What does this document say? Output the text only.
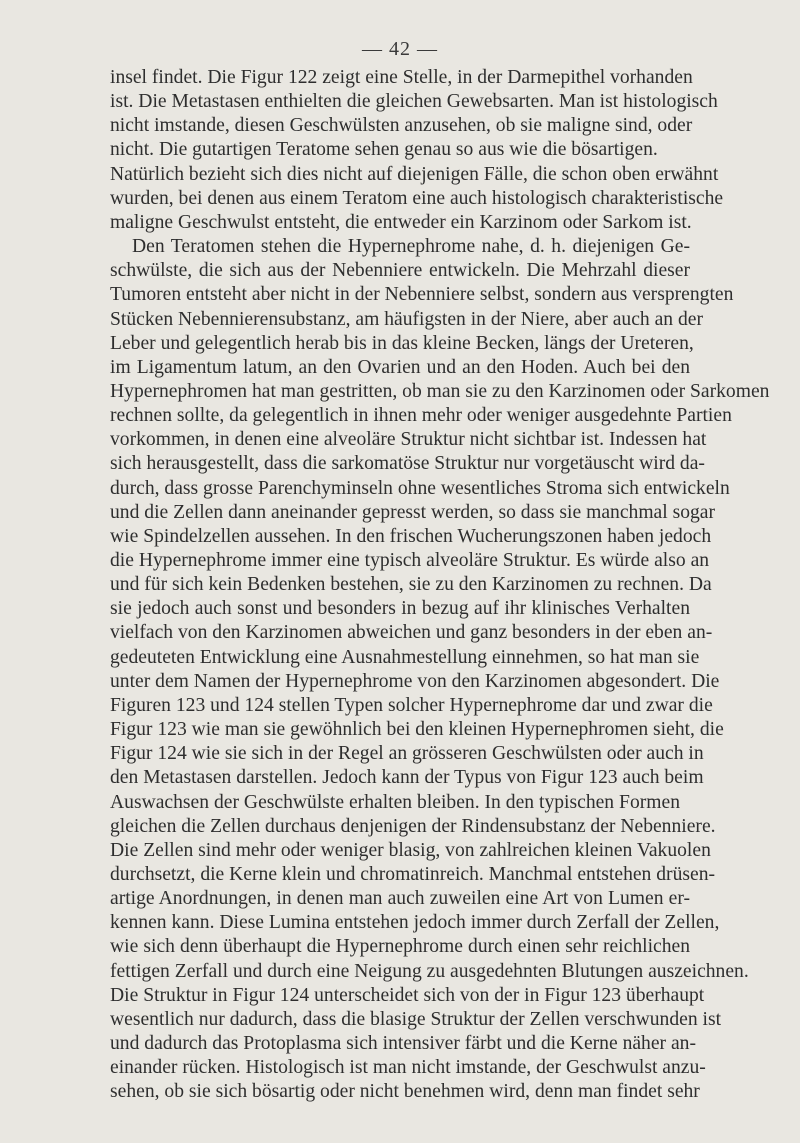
— 42 —
insel findet. Die Figur 122 zeigt eine Stelle, in der Darmepithel vorhanden
ist. Die Metastasen enthielten die gleichen Gewebsarten. Man ist histologisch
nicht imstande, diesen Geschwülsten anzusehen, ob sie maligne sind, oder
nicht. Die gutartigen Teratome sehen genau so aus wie die bösartigen.
Natürlich bezieht sich dies nicht auf diejenigen Fälle, die schon oben erwähnt
wurden, bei denen aus einem Teratom eine auch histologisch charakteristische
maligne Geschwulst entsteht, die entweder ein Karzinom oder Sarkom ist.
Den Teratomen stehen die Hypernephrome nahe, d. h. diejenigen Ge-
schwülste, die sich aus der Nebenniere entwickeln. Die Mehrzahl dieser
Tumoren entsteht aber nicht in der Nebenniere selbst, sondern aus versprengten
Stücken Nebennierensubstanz, am häufigsten in der Niere, aber auch an der
Leber und gelegentlich herab bis in das kleine Becken, längs der Ureteren,
im Ligamentum latum, an den Ovarien und an den Hoden. Auch bei den
Hypernephromen hat man gestritten, ob man sie zu den Karzinomen oder Sarkomen
rechnen sollte, da gelegentlich in ihnen mehr oder weniger ausgedehnte Partien
vorkommen, in denen eine alveoläre Struktur nicht sichtbar ist. Indessen hat
sich herausgestellt, dass die sarkomatöse Struktur nur vorgetäuscht wird da-
durch, dass grosse Parenchyminseln ohne wesentliches Stroma sich entwickeln
und die Zellen dann aneinander gepresst werden, so dass sie manchmal sogar
wie Spindelzellen aussehen. In den frischen Wucherungszonen haben jedoch
die Hypernephrome immer eine typisch alveoläre Struktur. Es würde also an
und für sich kein Bedenken bestehen, sie zu den Karzinomen zu rechnen. Da
sie jedoch auch sonst und besonders in bezug auf ihr klinisches Verhalten
vielfach von den Karzinomen abweichen und ganz besonders in der eben an-
gedeuteten Entwicklung eine Ausnahmestellung einnehmen, so hat man sie
unter dem Namen der Hypernephrome von den Karzinomen abgesondert. Die
Figuren 123 und 124 stellen Typen solcher Hypernephrome dar und zwar die
Figur 123 wie man sie gewöhnlich bei den kleinen Hypernephromen sieht, die
Figur 124 wie sie sich in der Regel an grösseren Geschwülsten oder auch in
den Metastasen darstellen. Jedoch kann der Typus von Figur 123 auch beim
Auswachsen der Geschwülste erhalten bleiben. In den typischen Formen
gleichen die Zellen durchaus denjenigen der Rindensubstanz der Nebenniere.
Die Zellen sind mehr oder weniger blasig, von zahlreichen kleinen Vakuolen
durchsetzt, die Kerne klein und chromatinreich. Manchmal entstehen drüsen-
artige Anordnungen, in denen man auch zuweilen eine Art von Lumen er-
kennen kann. Diese Lumina entstehen jedoch immer durch Zerfall der Zellen,
wie sich denn überhaupt die Hypernephrome durch einen sehr reichlichen
fettigen Zerfall und durch eine Neigung zu ausgedehnten Blutungen auszeichnen.
Die Struktur in Figur 124 unterscheidet sich von der in Figur 123 überhaupt
wesentlich nur dadurch, dass die blasige Struktur der Zellen verschwunden ist
und dadurch das Protoplasma sich intensiver färbt und die Kerne näher an-
einander rücken. Histologisch ist man nicht imstande, der Geschwulst anzu-
sehen, ob sie sich bösartig oder nicht benehmen wird, denn man findet sehr
